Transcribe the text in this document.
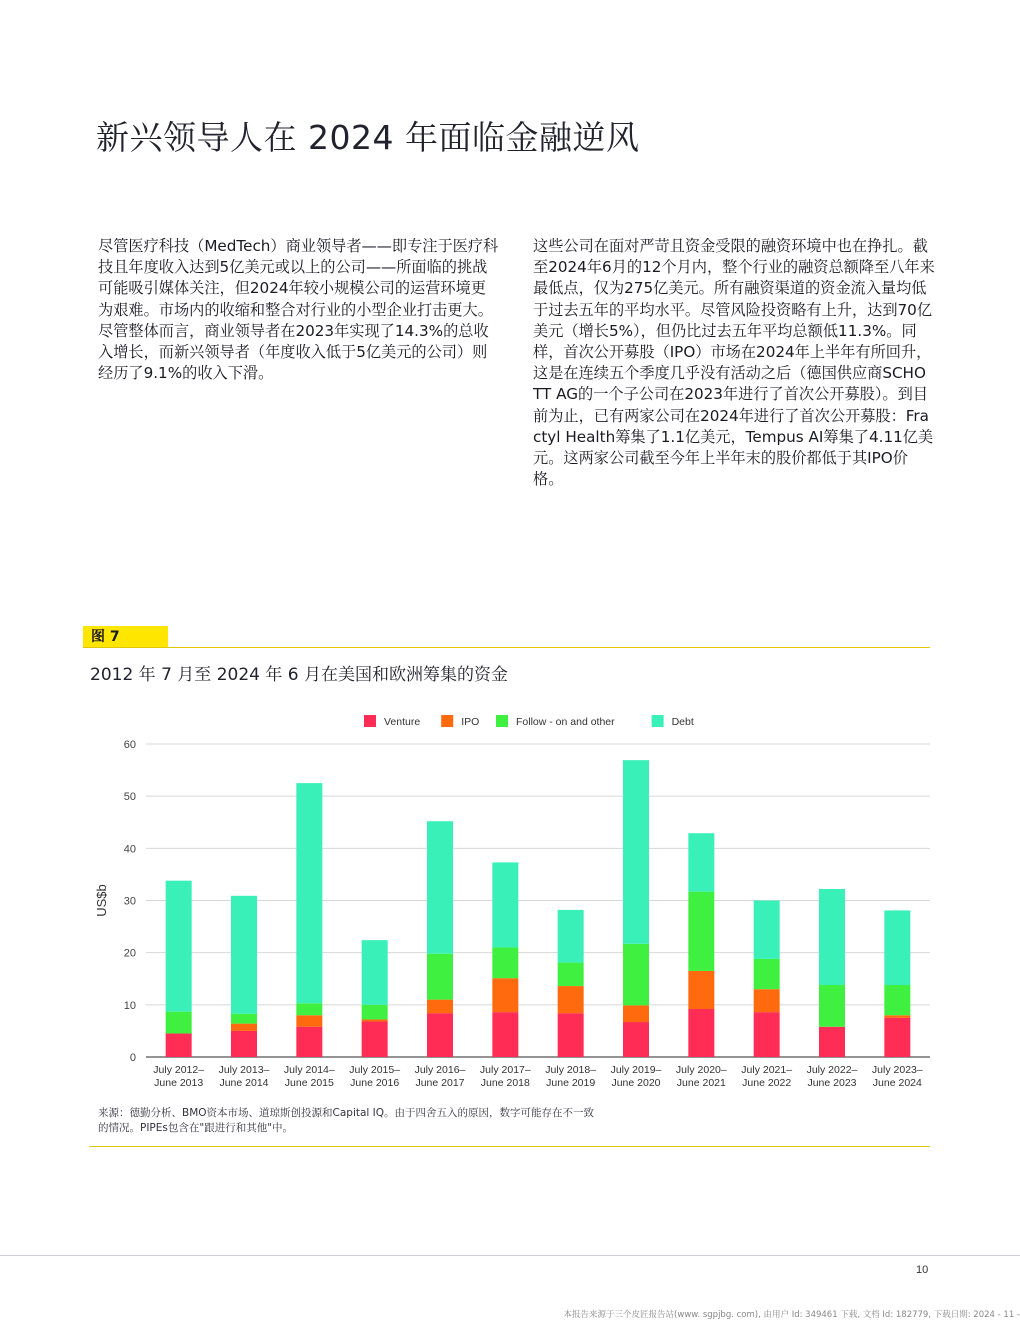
新兴领导人在 2024 年面临金融逆风
尽管医疗科技（MedTech）商业领导者——即专注于医疗科技且年度收入达到5亿美元或以上的公司——所面临的挑战可能吸引媒体关注，但2024年较小规模公司的运营环境更为艰难。市场内的收缩和整合对行业的小型企业打击更大。尽管整体而言，商业领导者在2023年实现了14.3%的总收入增长，而新兴领导者（年度收入低于5亿美元的公司）则经历了9.1%的收入下滑。
这些公司在面对严苛且资金受限的融资环境中也在挣扎。截至2024年6月的12个月内，整个行业的融资总额降至八年来最低点，仅为275亿美元。所有融资渠道的资金流入量均低于过去五年的平均水平。尽管风险投资略有上升，达到70亿美元（增长5%），但仍比过去五年平均总额低11.3%。同样，首次公开募股（IPO）市场在2024年上半年有所回升，这是在连续五个季度几乎没有活动之后（德国供应商SCHOTT AG的一个子公司在2023年进行了首次公开募股）。到目前为止，已有两家公司在2024年进行了首次公开募股：Fractyl Health筹集了1.1亿美元，Tempus AI筹集了4.11亿美元。这两家公司截至今年上半年末的股价都低于其IPO价格。
图 7
2012 年 7 月至 2024 年 6 月在美国和欧洲筹集的资金
0
10
20
30
40
50
60
US$b
July 2012–
June 2013
July 2013–
June 2014
July 2014–
June 2015
July 2015–
June 2016
July 2016–
June 2017
July 2017–
June 2018
July 2018–
June 2019
July 2019–
June 2020
July 2020–
June 2021
July 2021–
June 2022
July 2022–
June 2023
July 2023–
June 2024
Venture	IPO	Follow - on and other	Debt
来源：德勤分析、BMO资本市场、道琼斯创投源和Capital IQ。由于四舍五入的原因，数字可能存在不一致的情况。PIPEs包含在"跟进行和其他"中。
10
本报告来源于三个皮匠报告站(www. sgpjbg. com), 由用户 Id: 349461 下载, 文档 Id: 182779, 下载日期: 2024 - 11 -
